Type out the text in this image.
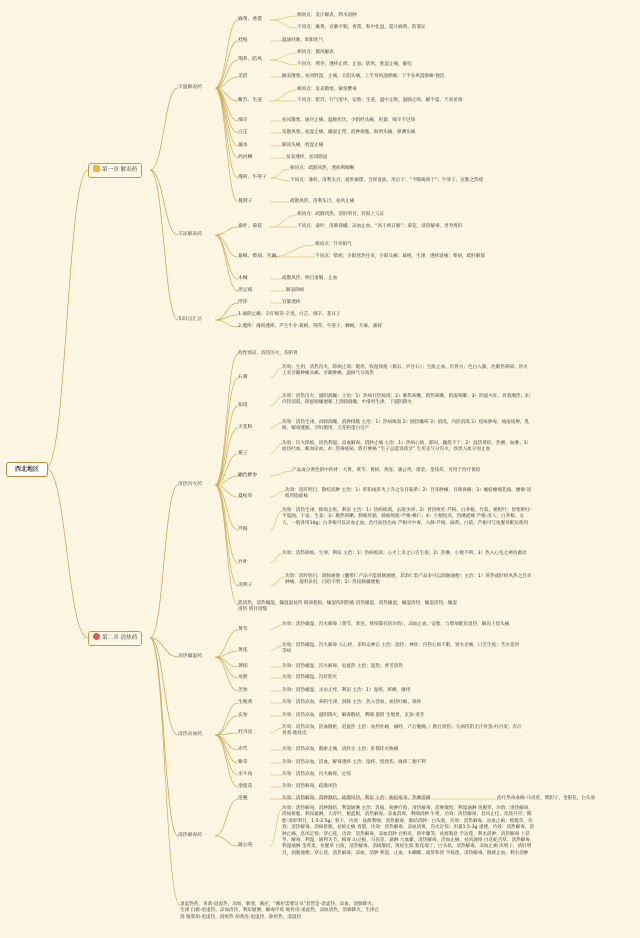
西北地区
第一章 解表药
第二章 清热药
辛温解表药
辛凉解表药
知识点汇总
清热泻火药
清热燥湿药
清热凉血药
清热解毒药
麻黄、香薷
相同点：发汗解表，利水消肿
不同点：麻黄，宣肺平喘，香薷，和中化湿，夏月麻黄，防暑证
桂枝	温通经脉，助阳化气
荆芥、防风
相同点：微风解表
不同点：荆芥，透疹止痒，止血；防风，胜湿止痛，解痉
羌活	解表散寒，祛风胜湿，止痛，太阳头痛，上半身风湿痹痛；下半身风湿痹痛-独活
紫苏、生姜
相同点：发表散寒，解鱼蟹毒
不同点：紫苏，行气宽中，安胎；生姜，温中止呕，温肺止咳，解半夏、天南星毒
细辛	祛风散寒，通窍止痛，温肺化饮，少阴经头痛，用量：细辛不过钱
白芷	发散风寒，祛湿止痛，燥湿止带，消肿排脓，阳明头痛，鼻渊头痛
藁本	解顶头痛，胜湿止痛
西河柳	发表透疹，祛风除湿
薄荷、牛蒡子
相同点：疏散风热，透疹利咽喉
不同点：薄荷，清利头目，疏肝解郁，含挥发油，用后下；“不嗜喝商于”；牛蒡子，宣肺之热痰
蔓荆子	疏散风热，清利头目，祛风止痛
桑叶、菊花
相同点：疏散风热，清肝明目，肝阳上亢证
不同点：桑叶，清肺润燥，凉血止血，“风干两日肺”；菊花，清热解毒，善寿胜肝
葛根、柴胡、升麻
相同点：升举阳气
不同点：柴胡，少阳寒热往来，少阳头痛；葛根，生津，透疹退痛；柴胡，疏肝解郁
木贼	疏散风热，明目退翳，止血
淡豆豉	解表除烦
浮萍	宣肺透疹
1.通阴止痛：辛仔细芽-辛夷、白芷、细辛、苍耳子
2.透疹：薄荷透疹，芦生牛介-葛根、荆芥、牛蒡子、蝉蜕、升麻、薄荷
药性寒凉，清热泻火，伤阴胃
石膏
功效：生用，清热泻火，除烦止渴；煅用，收湿敛疮（捣石、炉甘石）；生肌止血，泻胃火；色白入肺，治肺热咳喘；胃火上炎牙龈肿痛头痛、牙龈肿痛，温病气分高热
知母
功效：清热泻火，滋阴润燥；主治：1）热病壮热烦渴；2）肺热咳嗽，阴热咳嗽，阴虚咳嗽；3）阴虚火旺，骨蒸潮热；4）内热消渴，阴虚肠燥便秘 上清肺润燥，中滑胃生津，下滋阴降火
天花粉
功效：清热生津，清肺润燥，消肿排脓 主治：1）热病烦渴 2）肺热燥咳 3）消渴，内热消渴 2）疮疡肿毒，痈疽疮肿，乳痈，解毒透脓，孕妇慎用，天花粉蛋白引产
栀子
功效：泻火除烦，清热利湿，凉血解毒，消肿止痛 主治：1）热病心烦，郁闷，躁扰不宁；2）湿热黄疸，热淋，血淋；3）血热吐血，衄血尿血；4）热毒疮疡，跌打肿痛 “生子总能退痰牙” 生用走气分泻火，炒黑入血分而止血
鼬色醉参
产品成分黄色的中药材：大黄、黄芩、黄柏、黄连、蒲公英、郁金、金钱草，可用于治疗黄疸
夏枯草
功效：清肝明目，散结消肿 主治：1）肝阳或肝火上升之头目眩晕；2）目赤肿痛，目珠夜痛；3）瘰疬瘿瘤乳痈，瘿瘤-清痰凹陷痰核
芦根
功效：清热生津，除烦止呕，利尿 主治：1）热病烦渴，去痰少津；2）胃热呕吐-芦根、白茅根、竹茹、枇杷叶；胃寒呕吐-半夏曲、干姜、生姜；3）肺热咳嗽、肺痈吐脓，肺痈咳脓-芦根-桃仁；4）小便短赤，热淋涩痛 芦根-清人；白茅根，女人，一般各用10g；白茅根可以凉血止血，治疗血热出血 芦根可中毒，入肺-芦根、麻黄、白前；芦根可与鱼腥草配伍使用
竹叶
功效：清热除烦，生津，利尿 主治：1）热病烦渴；心火上炎之口舌生疮；2）热淋，小便不利；3）热入心包之神昏谵语
决明子
功效：清肝明目，润肠通便（翻带仁产品不能润肠通便，其余仁类产品多可以润肠通便）主治：1）肝热或肝经风热之目赤肿痛、羞明多泪，目暗不明；2）热结肠燥便秘
能清热，清热燥湿，燥湿湿易伤 阴津耗损，燥湿伤阴阴液 清热燥湿，清热燥湿，燥湿清热，燥湿清热，燥湿清热 明目退翳
黄芩
功效：清热燥湿，泻火解毒（黄芩、黄连、黄柏都有的功效），凉血止血，安胎，与柴胡配伍退热，解决上焦头痛
黄连
功效：清热燥湿，泻火解毒 入心经，来和安神志 主治：湿热；神昏；内热心烦不眠，胃火牙痛，口舌生疮；苦火犯胃等病
黄柏	功效：清热燥湿，泻火解毒，退虚热 主治：湿热；香苦清热
龙胆	功效：清热燥湿，泻肝胆火
苦参	功效：清热燥湿，杀虫止痒，利尿 主治：1）湿疹，疥癣，瘙痒
生地黄	功效：清热凉血，养阴生津，润肠 主治：热入营血，血热吐衄，斑疹
玄参	功效：清热凉血，滋阴降火，解毒散结，利咽 滋阴 生地黄，玄参-麦冬
牡丹皮
功效：清热凉血，活血散瘀，退虚热 主治：血热吐衄，痛经，产后腹痛，）跌打损伤；久病伤阴无汗骨蒸-牡丹皮；有汗骨蒸-地骨皮
赤芍	功效：清热凉血，散瘀止痛，清肝火 主治：肝郁化火胁痛
紫草	功效：清热凉血，活血，解毒透疹 主治：湿疹，烧烫伤，麻疹二便不利
水牛角	功效：清热凉血，泻火解毒，定惊
金银花	功效：清热解毒，疏散风热
连翘	功效：清热解毒，消肿散结，疏散风热，利尿 主治：痈疽疮毒，热淋涩痛	治疗热毒血痢-马齿苋、鸦胆子、金银花、白头翁
蒲公英
功效：清热解毒，消肿散结，利湿通淋 主治：乳痈，痈肿疔疮，清热解毒，消肿散结，利湿通淋 鱼腥草，功效：清热解毒，消痈排脓，利尿通淋，大青叶，板蓝根，清热解毒，凉血消斑，利咽消肿 牛黄，功效：清热解毒，息风止痉，化痰开窍；熊胆-清肝明目，1.5-2.5g；射干，功效：祛痰利咽，清热解毒，散结消肿；白头翁，功效：清热解毒，凉血止痢；败酱草，功效：清热解毒，消痈排脓，祛瘀止痛 青黛，功效：清热解毒，凉血消斑，泻火定惊；用量1.5-3g 重楼，功效：清热解毒，消肿止痛，息风定惊；穿心莲，功效：清热解毒，凉血消肿 白鲜皮，鲁甲藤等，祛痰喘息 半边莲，利水消肿，清热解毒 土茯苓，解毒，利湿，通利关节，梅毒 山豆根，马齿苋，通淋 大血藤，清热解毒，活血止痛，祛风通络 白花蛇舌草，清热解毒，利湿通淋 金荞麦，鱼腥草 白蔹，清热解毒，消痈散结，敛疮生肌 紫花地丁，白头翁，清热解毒，凉血止痢 决明子，清肝明目，润肠通便；穿心莲，清热解毒，凉血，消肿 利湿，止血，木蝴蝶，疏肝和胃 半枝莲，清热解毒，散瘀止血，利水消肿
退虚热药，青蒿-退虚热，凉血，解暑，截疟，“截疟需要证书”者皆是-退虚热。凉血，清肺降火；生津 白薇-退虚热，凉血清热，利尿通淋，解毒疗疮 地骨皮-退虚热，凉血清热，清肺降火，生津止渴 银柴胡-退虚热，清疳热 胡黄连-退虚热，除疳热，清湿热
